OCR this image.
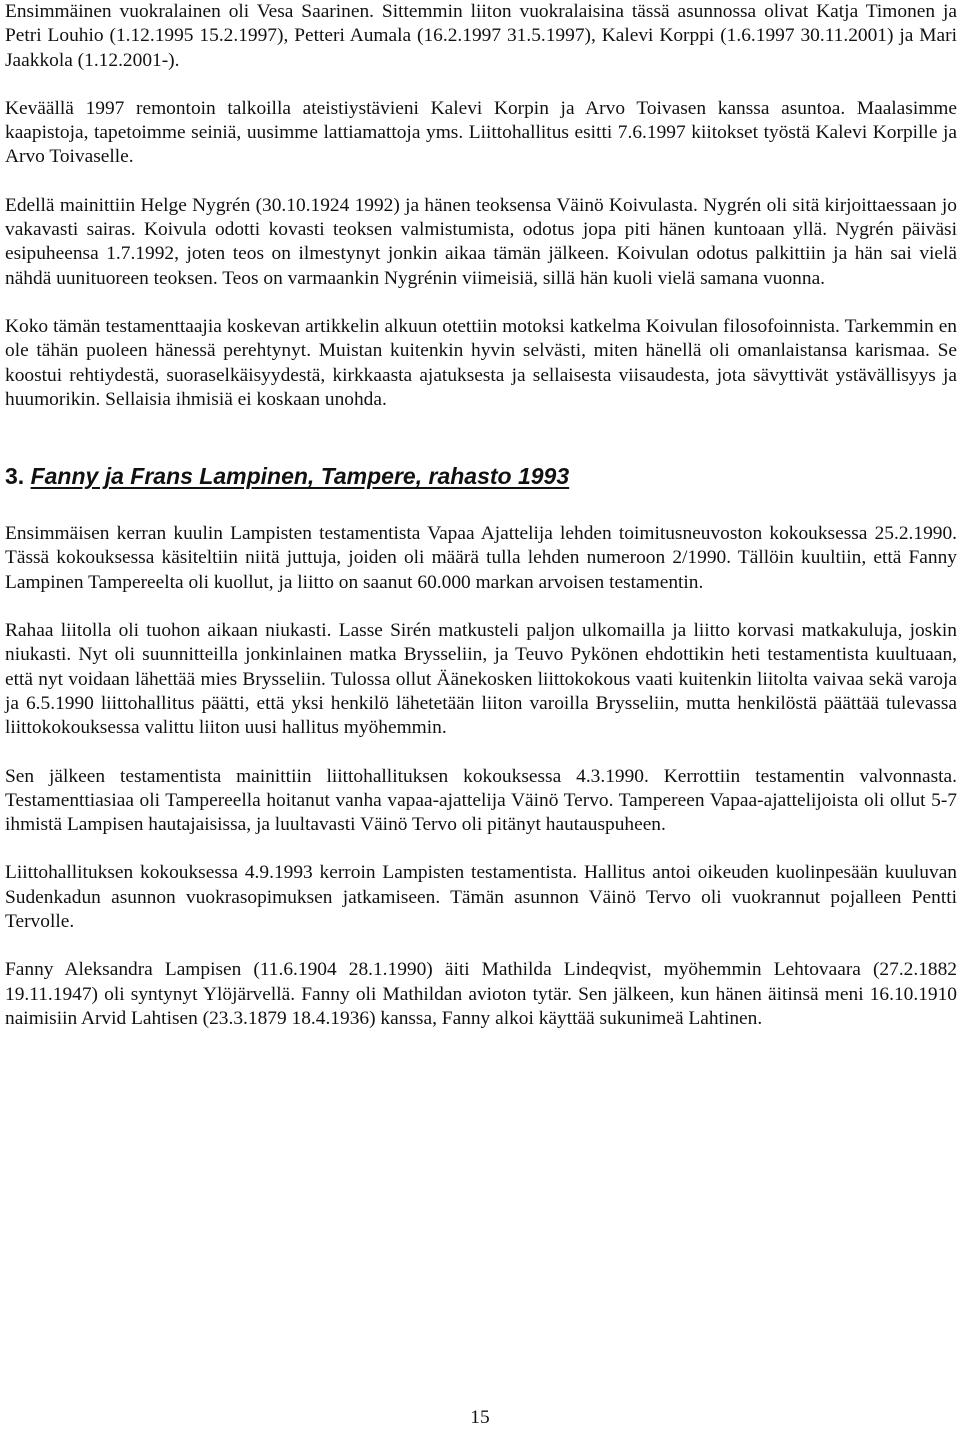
Ensimmäinen vuokralainen oli Vesa Saarinen. Sittemmin liiton vuokralaisina tässä asunnossa olivat Katja Timonen ja Petri Louhio (1.12.1995 15.2.1997), Petteri Aumala (16.2.1997 31.5.1997), Kalevi Korppi (1.6.1997 30.11.2001) ja Mari Jaakkola (1.12.2001-).

Keväällä 1997 remontoin talkoilla ateistiystävieni Kalevi Korpin ja Arvo Toivasen kanssa asuntoa. Maalasimme kaapistoja, tapetoimme seiniä, uusimme lattiamattoja yms. Liittohallitus esitti 7.6.1997 kiitokset työstä Kalevi Korpille ja Arvo Toivaselle.

Edellä mainittiin Helge Nygrén (30.10.1924 1992) ja hänen teoksensa Väinö Koivulasta. Nygrén oli sitä kirjoittaessaan jo vakavasti sairas. Koivula odotti kovasti teoksen valmistumista, odotus jopa piti hänen kuntoaan yllä. Nygrén päiväsi esipuheensa 1.7.1992, joten teos on ilmestynyt jonkin aikaa tämän jälkeen. Koivulan odotus palkittiin ja hän sai vielä nähdä uunituoreen teoksen. Teos on varmaankin Nygrénin viimeisiä, sillä hän kuoli vielä samana vuonna.

Koko tämän testamenttaajia koskevan artikkelin alkuun otettiin motoksi katkelma Koivulan filosofoinnista. Tarkemmin en ole tähän puoleen hänessä perehtynyt. Muistan kuitenkin hyvin selvästi, miten hänellä oli omanlaistansa karismaa. Se koostui rehtiydestä, suoraselkäisyydestä, kirkkaasta ajatuksesta ja sellaisesta viisaudesta, jota sävyttivät ystävällisyys ja huumorikin. Sellaisia ihmisiä ei koskaan unohda.

3. Fanny ja Frans Lampinen, Tampere, rahasto 1993

Ensimmäisen kerran kuulin Lampisten testamentista Vapaa Ajattelija lehden toimitusneuvoston kokouksessa 25.2.1990. Tässä kokouksessa käsiteltiin niitä juttuja, joiden oli määrä tulla lehden numeroon 2/1990. Tällöin kuultiin, että Fanny Lampinen Tampereelta oli kuollut, ja liitto on saanut 60.000 markan arvoisen testamentin.

Rahaa liitolla oli tuohon aikaan niukasti. Lasse Sirén matkusteli paljon ulkomailla ja liitto korvasi matkakuluja, joskin niukasti. Nyt oli suunnitteilla jonkinlainen matka Brysseliin, ja Teuvo Pykönen ehdottikin heti testamentista kuultuaan, että nyt voidaan lähettää mies Brysseliin. Tulossa ollut Äänekosken liittokokous vaati kuitenkin liitolta vaivaa sekä varoja ja 6.5.1990 liittohallitus päätti, että yksi henkilö lähetetään liiton varoilla Brysseliin, mutta henkilöstä päättää tulevassa liittokokouksessa valittu liiton uusi hallitus myöhemmin.

Sen jälkeen testamentista mainittiin liittohallituksen kokouksessa 4.3.1990. Kerrottiin testamentin valvonnasta. Testamenttiasiaa oli Tampereella hoitanut vanha vapaa-ajattelija Väinö Tervo. Tampereen Vapaa-ajattelijoista oli ollut 5-7 ihmistä Lampisen hautajaisissa, ja luultavasti Väinö Tervo oli pitänyt hautauspuheen.

Liittohallituksen kokouksessa 4.9.1993 kerroin Lampisten testamentista. Hallitus antoi oikeuden kuolinpesään kuuluvan Sudenkadun asunnon vuokrasopimuksen jatkamiseen. Tämän asunnon Väinö Tervo oli vuokrannut pojalleen Pentti Tervolle.

Fanny Aleksandra Lampisen (11.6.1904 28.1.1990) äiti Mathilda Lindeqvist, myöhemmin Lehtovaara (27.2.1882 19.11.1947) oli syntynyt Ylöjärvellä. Fanny oli Mathildan avioton tytär. Sen jälkeen, kun hänen äitinsä meni 16.10.1910 naimisiin Arvid Lahtisen (23.3.1879 18.4.1936) kanssa, Fanny alkoi käyttää sukunimeä Lahtinen.

15
